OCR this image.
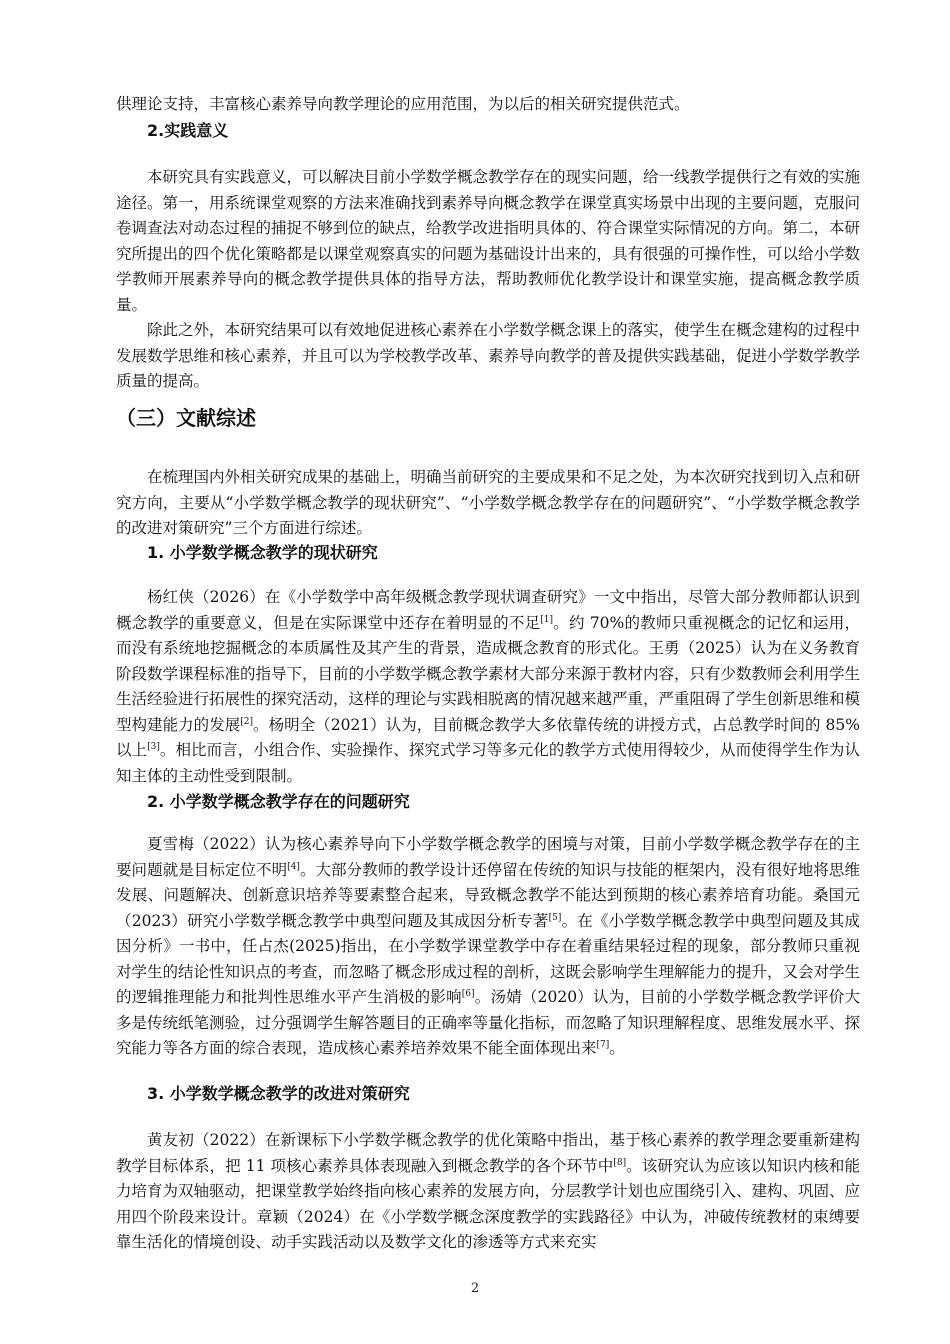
供理论支持，丰富核心素养导向教学理论的应用范围，为以后的相关研究提供范式。

2.实践意义

本研究具有实践意义，可以解决目前小学数学概念教学存在的现实问题，给一线教学提供行之有效的实施途径。第一，用系统课堂观察的方法来准确找到素养导向概念教学在课堂真实场景中出现的主要问题，克服问卷调查法对动态过程的捕捉不够到位的缺点，给教学改进指明具体的、符合课堂实际情况的方向。第二，本研究所提出的四个优化策略都是以课堂观察真实的问题为基础设计出来的，具有很强的可操作性，可以给小学数学教师开展素养导向的概念教学提供具体的指导方法，帮助教师优化教学设计和课堂实施，提高概念教学质量。

除此之外，本研究结果可以有效地促进核心素养在小学数学概念课上的落实，使学生在概念建构的过程中发展数学思维和核心素养，并且可以为学校教学改革、素养导向教学的普及提供实践基础，促进小学数学教学质量的提高。

（三）文献综述

在梳理国内外相关研究成果的基础上，明确当前研究的主要成果和不足之处，为本次研究找到切入点和研究方向，主要从“小学数学概念教学的现状研究”、“小学数学概念教学存在的问题研究”、“小学数学概念教学的改进对策研究”三个方面进行综述。

1. 小学数学概念教学的现状研究

杨红侠（2026）在《小学数学中高年级概念教学现状调查研究》一文中指出，尽管大部分教师都认识到概念教学的重要意义，但是在实际课堂中还存在着明显的不足[1]。约 70%的教师只重视概念的记忆和运用，而没有系统地挖掘概念的本质属性及其产生的背景，造成概念教育的形式化。王勇（2025）认为在义务教育阶段数学课程标准的指导下，目前的小学数学概念教学素材大部分来源于教材内容，只有少数教师会利用学生生活经验进行拓展性的探究活动，这样的理论与实践相脱离的情况越来越严重，严重阻碍了学生创新思维和模型构建能力的发展[2]。杨明全（2021）认为，目前概念教学大多依靠传统的讲授方式，占总教学时间的 85%以上[3]。相比而言，小组合作、实验操作、探究式学习等多元化的教学方式使用得较少，从而使得学生作为认知主体的主动性受到限制。

2. 小学数学概念教学存在的问题研究

夏雪梅（2022）认为核心素养导向下小学数学概念教学的困境与对策，目前小学数学概念教学存在的主要问题就是目标定位不明[4]。大部分教师的教学设计还停留在传统的知识与技能的框架内，没有很好地将思维发展、问题解决、创新意识培养等要素整合起来，导致概念教学不能达到预期的核心素养培育功能。桑国元（2023）研究小学数学概念教学中典型问题及其成因分析专著[5]。在《小学数学概念教学中典型问题及其成因分析》一书中，任占杰(2025)指出，在小学数学课堂教学中存在着重结果轻过程的现象，部分教师只重视对学生的结论性知识点的考查，而忽略了概念形成过程的剖析，这既会影响学生理解能力的提升，又会对学生的逻辑推理能力和批判性思维水平产生消极的影响[6]。汤婧（2020）认为，目前的小学数学概念教学评价大多是传统纸笔测验，过分强调学生解答题目的正确率等量化指标，而忽略了知识理解程度、思维发展水平、探究能力等各方面的综合表现，造成核心素养培养效果不能全面体现出来[7]。

3. 小学数学概念教学的改进对策研究

黄友初（2022）在新课标下小学数学概念教学的优化策略中指出，基于核心素养的教学理念要重新建构教学目标体系，把 11 项核心素养具体表现融入到概念教学的各个环节中[8]。该研究认为应该以知识内核和能力培育为双轴驱动，把课堂教学始终指向核心素养的发展方向，分层教学计划也应围绕引入、建构、巩固、应用四个阶段来设计。章颖（2024）在《小学数学概念深度教学的实践路径》中认为，冲破传统教材的束缚要靠生活化的情境创设、动手实践活动以及数学文化的渗透等方式来充实

2
